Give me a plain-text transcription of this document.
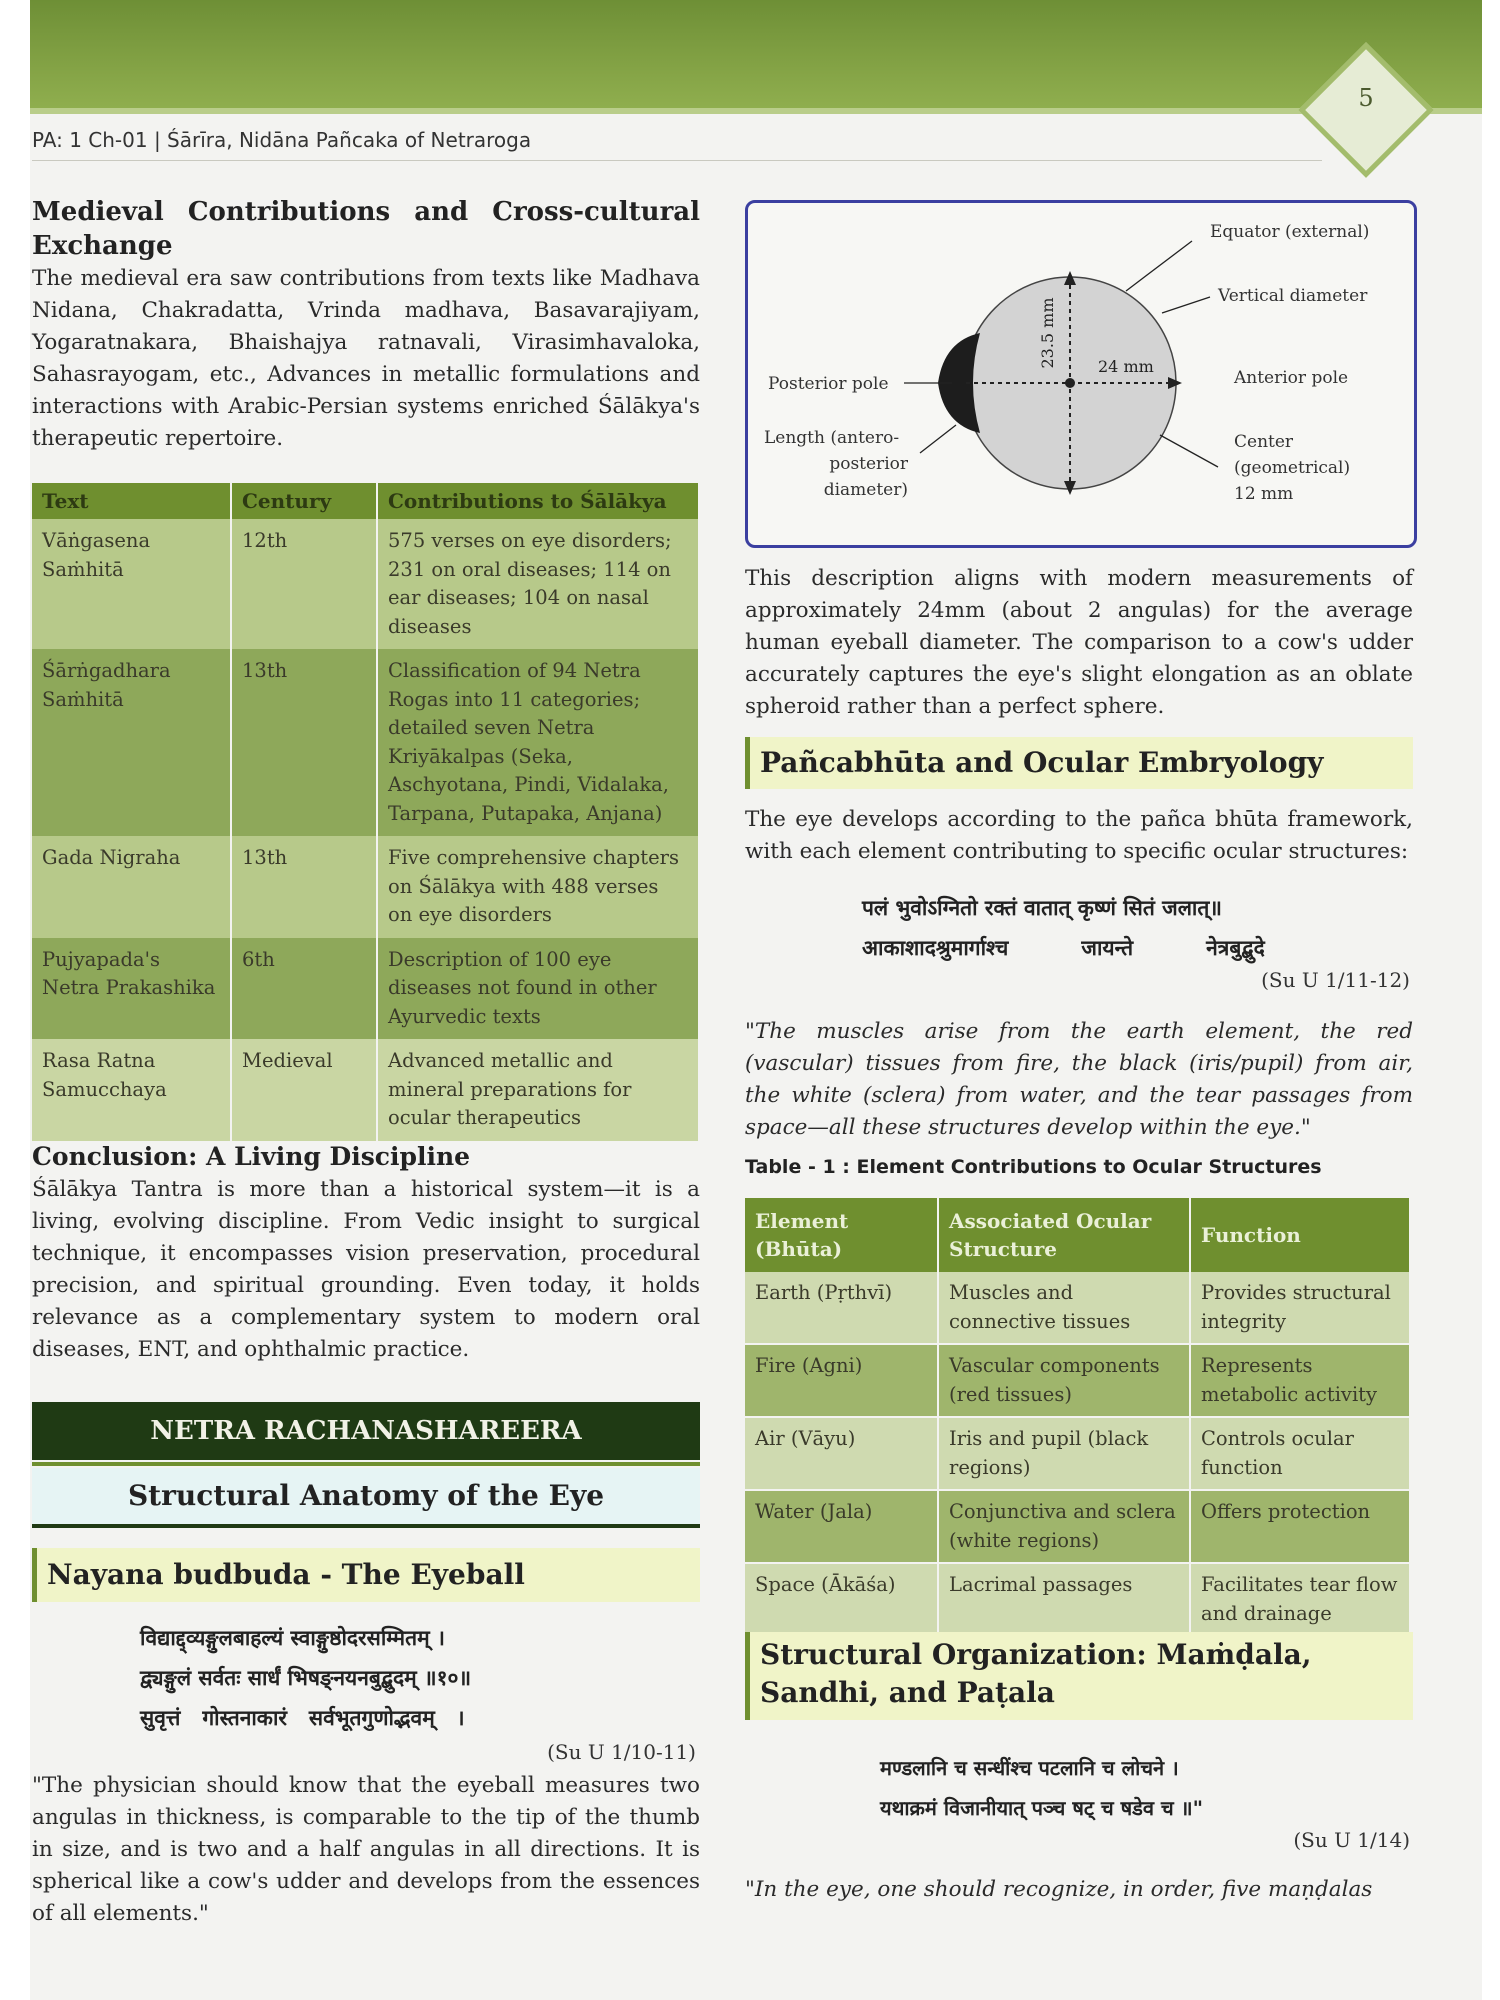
5
PA: 1 Ch-01 | Śārīra, Nidāna Pañcaka of Netraroga
Medieval Contributions and Cross-cultural Exchange

The medieval era saw contributions from texts like Madhava Nidana, Chakradatta, Vrinda madhava, Basavarajiyam, Yogaratnakara, Bhaishajya ratnavali, Virasimhavaloka, Sahasrayogam, etc., Advances in metallic formulations and interactions with Arabic-Persian systems enriched Śālākya's therapeutic repertoire.

Text	Century	Contributions to Śālākya
Vāṅgasena Saṁhitā	12th	575 verses on eye disorders; 231 on oral diseases; 114 on ear diseases; 104 on nasal diseases
Śārṅgadhara Saṁhitā	13th	Classification of 94 Netra Rogas into 11 categories; detailed seven Netra Kriyākalpas (Seka, Aschyotana, Pindi, Vidalaka, Tarpana, Putapaka, Anjana)
Gada Nigraha	13th	Five comprehensive chapters on Śālākya with 488 verses on eye disorders
Pujyapada's Netra Prakashika	6th	Description of 100 eye diseases not found in other Ayurvedic texts
Rasa Ratna Samucchaya	Medieval	Advanced metallic and mineral preparations for ocular therapeutics
Conclusion: A Living Discipline

Śālākya Tantra is more than a historical system—it is a living, evolving discipline. From Vedic insight to surgical technique, it encompasses vision preservation, procedural precision, and spiritual grounding. Even today, it holds relevance as a complementary system to modern oral diseases, ENT, and ophthalmic practice.

NETRA RACHANASHAREERA
Structural Anatomy of the Eye
Nayana budbuda - The Eyeball
विद्याद्द्व्यङ्गुलबाहल्यं स्वाङ्गुष्ठोदरसम्मितम् ।
द्व्यङ्गुलं सर्वतः सार्धं भिषङ्नयनबुद्बुदम् ॥१०॥
सुवृत्तं   गोस्तनाकारं   सर्वभूतगुणोद्भवम्   ।
(Su U 1/10-11)
"The physician should know that the eyeball measures two angulas in thickness, is comparable to the tip of the thumb in size, and is two and a half angulas in all directions. It is spherical like a cow's udder and develops from the essences of all elements."
23.5 mm	24 mm
Equator (external)
Vertical diameter
Anterior pole
Center
(geometrical)
12 mm
Posterior pole
Length (antero-
posterior
diameter)
This description aligns with modern measurements of approximately 24mm (about 2 angulas) for the average human eyeball diameter. The comparison to a cow's udder accurately captures the eye's slight elongation as an oblate spheroid rather than a perfect sphere.
Pañcabhūta and Ocular Embryology
The eye develops according to the pañca bhūta framework, with each element contributing to specific ocular structures:
पलं भुवोऽग्नितो रक्तं वातात् कृष्णं सितं जलात्॥
आकाशादश्रुमार्गाश्च          जायन्ते          नेत्रबुद्बुदे
(Su U 1/11-12)
"The muscles arise from the earth element, the red (vascular) tissues from fire, the black (iris/pupil) from air, the white (sclera) from water, and the tear passages from space—all these structures develop within the eye."
Table - 1 : Element Contributions to Ocular Structures
Element (Bhūta)	Associated Ocular Structure	Function
Earth (Pṛthvī)	Muscles and connective tissues	Provides structural integrity
Fire (Agni)	Vascular components (red tissues)	Represents metabolic activity
Air (Vāyu)	Iris and pupil (black regions)	Controls ocular function
Water (Jala)	Conjunctiva and sclera (white regions)	Offers protection
Space (Ākāśa)	Lacrimal passages	Facilitates tear flow and drainage
Structural Organization: Maṁḍala, Sandhi, and Paṭala
मण्डलानि च सन्धींश्च पटलानि च लोचने ।
यथाक्रमं विजानीयात् पञ्च षट् च षडेव च ॥"
(Su U 1/14)
"In the eye, one should recognize, in order, five maṇḍalas
